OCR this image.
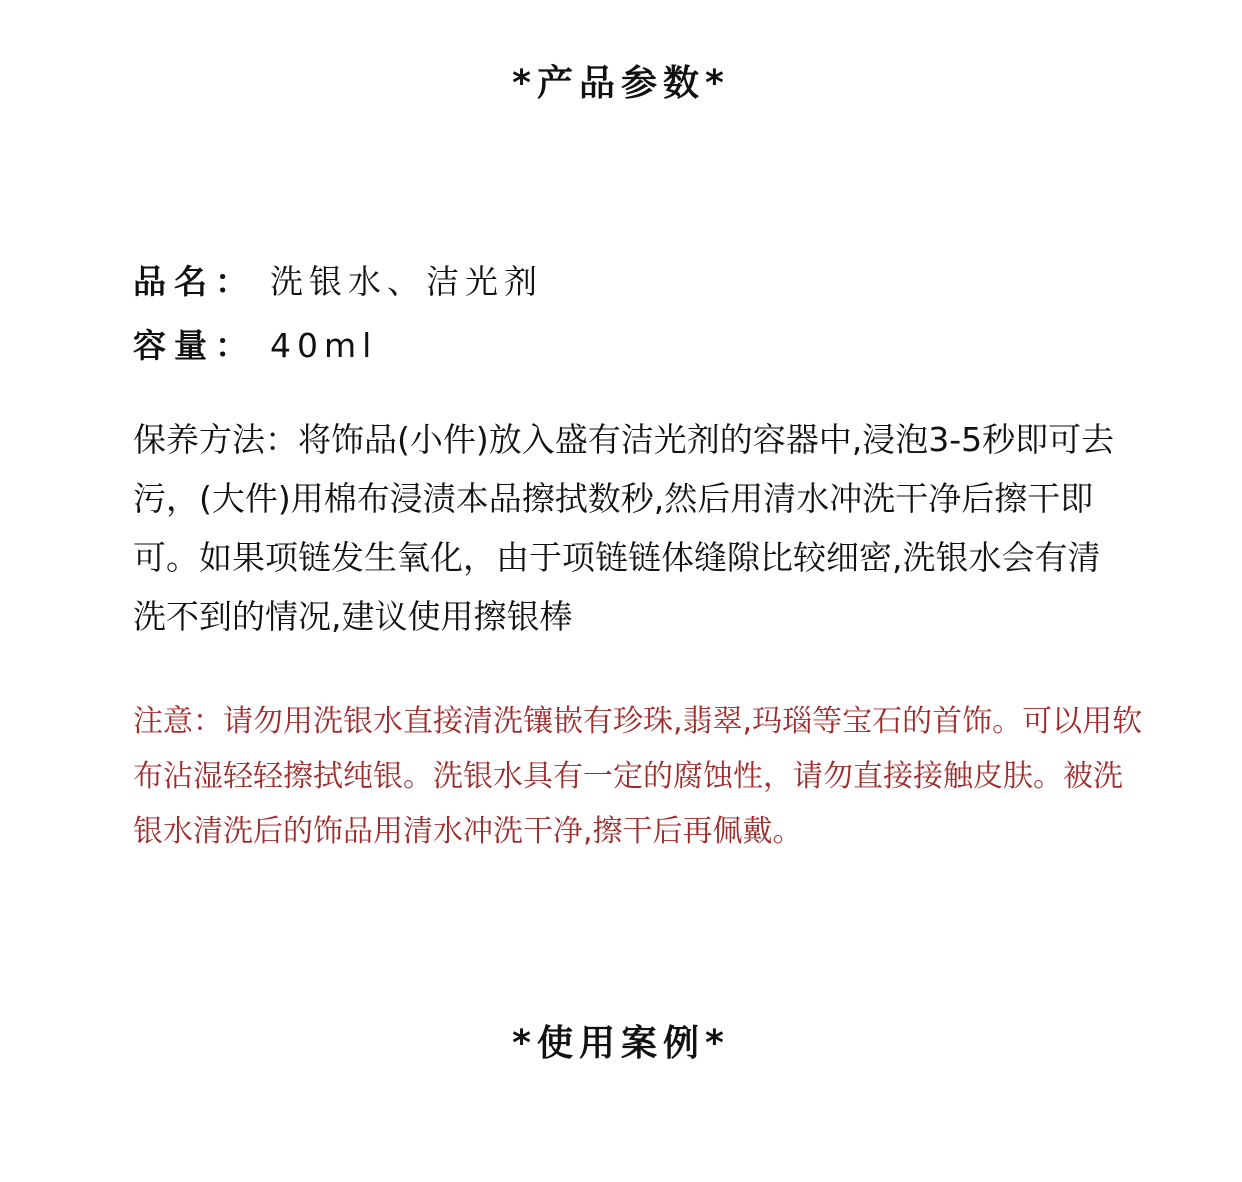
*产品参数*
品名： 洗银水、洁光剂
容量： 40ml

保养方法：将饰品(小件)放入盛有洁光剂的容器中,浸泡3-5秒即可去污，(大件)用棉布浸渍本品擦拭数秒,然后用清水冲洗干净后擦干即可。如果项链发生氧化，由于项链链体缝隙比较细密,洗银水会有清洗不到的情况,建议使用擦银棒

注意：请勿用洗银水直接清洗镶嵌有珍珠,翡翠,玛瑙等宝石的首饰。可以用软布沾湿轻轻擦拭纯银。洗银水具有一定的腐蚀性，请勿直接接触皮肤。被洗银水清洗后的饰品用清水冲洗干净,擦干后再佩戴。

*使用案例*
